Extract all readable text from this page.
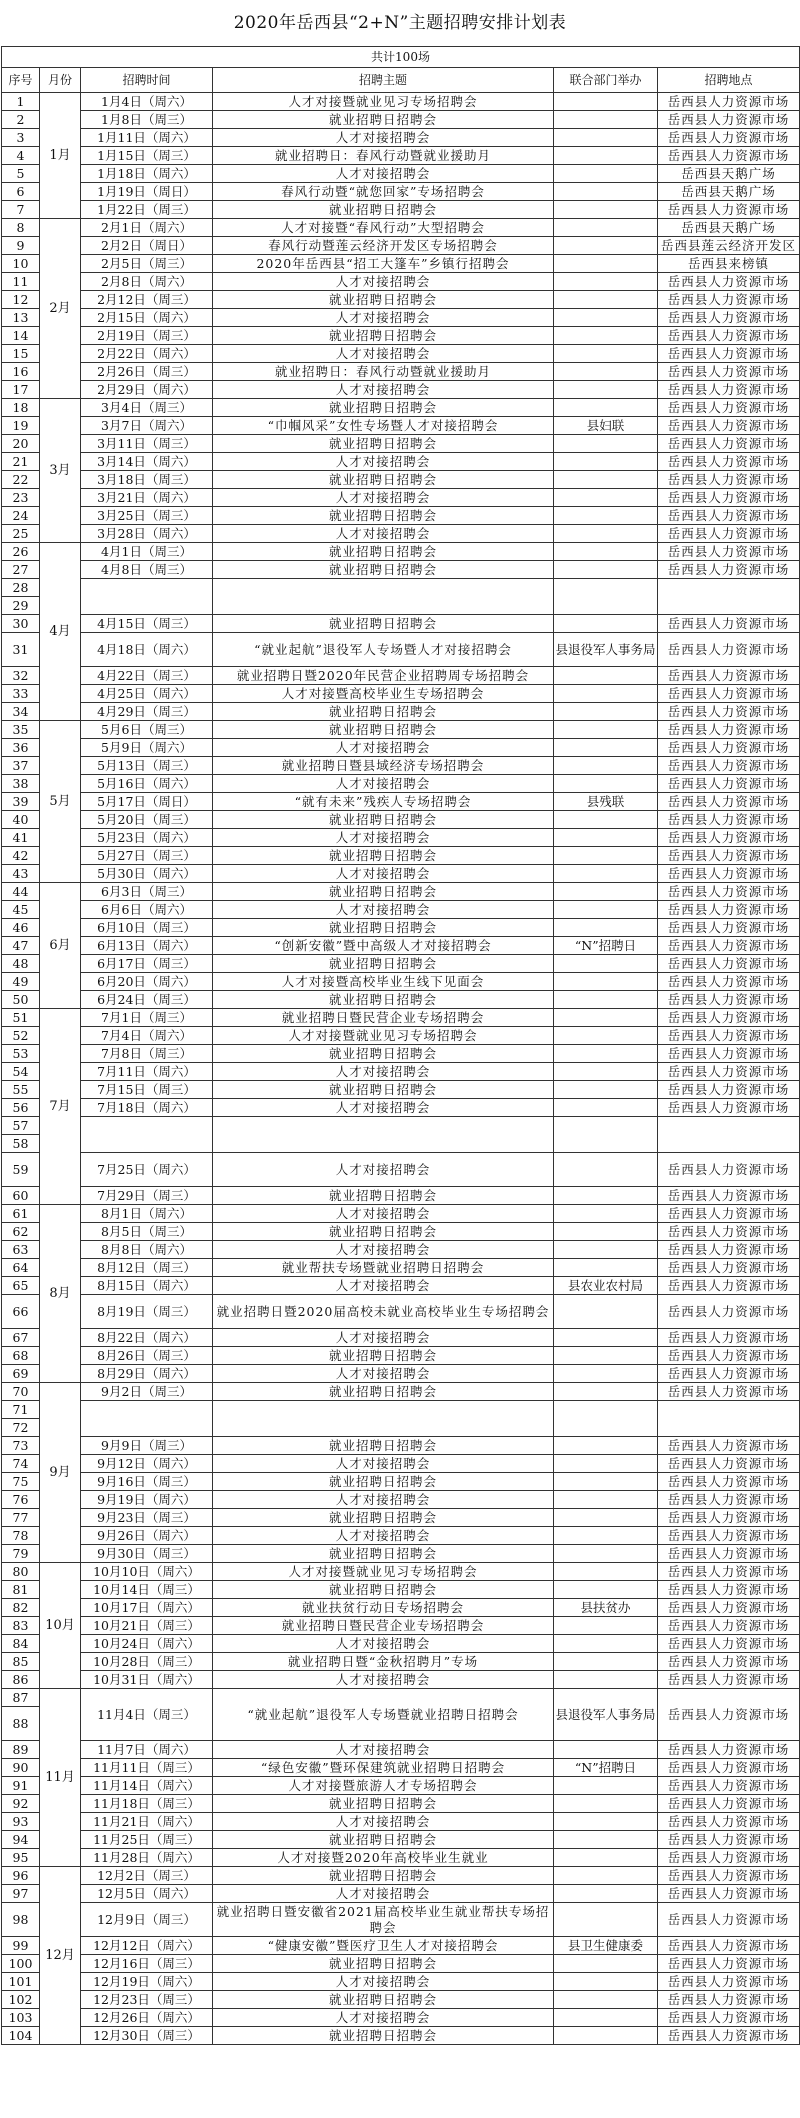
2020年岳西县“2+N”主题招聘安排计划表
共计100场						
序号	月份	招聘时间	招聘主题	联合部门举办	招聘地点	
1	1月	1月4日（周六）	人才对接暨就业见习专场招聘会		岳西县人力资源市场	
2		1月8日（周三）	就业招聘日招聘会		岳西县人力资源市场	
3		1月11日（周六）	人才对接招聘会		岳西县人力资源市场	
4		1月15日（周三）	就业招聘日：春风行动暨就业援助月		岳西县人力资源市场	
5		1月18日（周六）	人才对接招聘会		岳西县天鹅广场	
6		1月19日（周日）	春风行动暨“就您回家”专场招聘会		岳西县天鹅广场	
7		1月22日（周三）	就业招聘日招聘会		岳西县人力资源市场	
8	2月	2月1日（周六）	人才对接暨“春风行动”大型招聘会		岳西县天鹅广场	
9		2月2日（周日）	春风行动暨莲云经济开发区专场招聘会		岳西县莲云经济开发区	
10		2月5日（周三）	2020年岳西县“招工大篷车”乡镇行招聘会		岳西县来榜镇	
11		2月8日（周六）	人才对接招聘会		岳西县人力资源市场	
12		2月12日（周三）	就业招聘日招聘会		岳西县人力资源市场	
13		2月15日（周六）	人才对接招聘会		岳西县人力资源市场	
14		2月19日（周三）	就业招聘日招聘会		岳西县人力资源市场	
15		2月22日（周六）	人才对接招聘会		岳西县人力资源市场	
16		2月26日（周三）	就业招聘日：春风行动暨就业援助月		岳西县人力资源市场	
17		2月29日（周六）	人才对接招聘会		岳西县人力资源市场	
18	3月	3月4日（周三）	就业招聘日招聘会		岳西县人力资源市场	
19		3月7日（周六）	“巾帼风采”女性专场暨人才对接招聘会	县妇联	岳西县人力资源市场	
20		3月11日（周三）	就业招聘日招聘会		岳西县人力资源市场	
21		3月14日（周六）	人才对接招聘会		岳西县人力资源市场	
22		3月18日（周三）	就业招聘日招聘会		岳西县人力资源市场	
23		3月21日（周六）	人才对接招聘会		岳西县人力资源市场	
24		3月25日（周三）	就业招聘日招聘会		岳西县人力资源市场	
25		3月28日（周六）	人才对接招聘会		岳西县人力资源市场	
26	4月	4月1日（周三）	就业招聘日招聘会		岳西县人力资源市场	
27		4月8日（周三）	就业招聘日招聘会		岳西县人力资源市场	
28						
29						
30		4月15日（周三）	就业招聘日招聘会		岳西县人力资源市场	
31		4月18日（周六）	“就业起航”退役军人专场暨人才对接招聘会	县退役军人事务局	岳西县人力资源市场	
32		4月22日（周三）	就业招聘日暨2020年民营企业招聘周专场招聘会		岳西县人力资源市场	
33		4月25日（周六）	人才对接暨高校毕业生专场招聘会		岳西县人力资源市场	
34		4月29日（周三）	就业招聘日招聘会		岳西县人力资源市场	
35	5月	5月6日（周三）	就业招聘日招聘会		岳西县人力资源市场	
36		5月9日（周六）	人才对接招聘会		岳西县人力资源市场	
37		5月13日（周三）	就业招聘日暨县域经济专场招聘会		岳西县人力资源市场	
38		5月16日（周六）	人才对接招聘会		岳西县人力资源市场	
39		5月17日（周日）	“就有未来”残疾人专场招聘会	县残联	岳西县人力资源市场	
40		5月20日（周三）	就业招聘日招聘会		岳西县人力资源市场	
41		5月23日（周六）	人才对接招聘会		岳西县人力资源市场	
42		5月27日（周三）	就业招聘日招聘会		岳西县人力资源市场	
43		5月30日（周六）	人才对接招聘会		岳西县人力资源市场	
44	6月	6月3日（周三）	就业招聘日招聘会		岳西县人力资源市场	
45		6月6日（周六）	人才对接招聘会		岳西县人力资源市场	
46		6月10日（周三）	就业招聘日招聘会		岳西县人力资源市场	
47		6月13日（周六）	“创新安徽”暨中高级人才对接招聘会	“N”招聘日	岳西县人力资源市场	
48		6月17日（周三）	就业招聘日招聘会		岳西县人力资源市场	
49		6月20日（周六）	人才对接暨高校毕业生线下见面会		岳西县人力资源市场	
50		6月24日（周三）	就业招聘日招聘会		岳西县人力资源市场	
51	7月	7月1日（周三）	就业招聘日暨民营企业专场招聘会		岳西县人力资源市场	
52		7月4日（周六）	人才对接暨就业见习专场招聘会		岳西县人力资源市场	
53		7月8日（周三）	就业招聘日招聘会		岳西县人力资源市场	
54		7月11日（周六）	人才对接招聘会		岳西县人力资源市场	
55		7月15日（周三）	就业招聘日招聘会		岳西县人力资源市场	
56		7月18日（周六）	人才对接招聘会		岳西县人力资源市场	
57						
58						
59		7月25日（周六）	人才对接招聘会		岳西县人力资源市场	
60		7月29日（周三）	就业招聘日招聘会		岳西县人力资源市场	
61	8月	8月1日（周六）	人才对接招聘会		岳西县人力资源市场	
62		8月5日（周三）	就业招聘日招聘会		岳西县人力资源市场	
63		8月8日（周六）	人才对接招聘会		岳西县人力资源市场	
64		8月12日（周三）	就业帮扶专场暨就业招聘日招聘会		岳西县人力资源市场	
65		8月15日（周六）	人才对接招聘会	县农业农村局	岳西县人力资源市场	
66		8月19日（周三）	就业招聘日暨2020届高校未就业高校毕业生专场招聘会		岳西县人力资源市场	
67		8月22日（周六）	人才对接招聘会		岳西县人力资源市场	
68		8月26日（周三）	就业招聘日招聘会		岳西县人力资源市场	
69		8月29日（周六）	人才对接招聘会		岳西县人力资源市场	
70	9月	9月2日（周三）	就业招聘日招聘会		岳西县人力资源市场	
71						
72						
73		9月9日（周三）	就业招聘日招聘会		岳西县人力资源市场	
74		9月12日（周六）	人才对接招聘会		岳西县人力资源市场	
75		9月16日（周三）	就业招聘日招聘会		岳西县人力资源市场	
76		9月19日（周六）	人才对接招聘会		岳西县人力资源市场	
77		9月23日（周三）	就业招聘日招聘会		岳西县人力资源市场	
78		9月26日（周六）	人才对接招聘会		岳西县人力资源市场	
79		9月30日（周三）	就业招聘日招聘会		岳西县人力资源市场	
80	10月	10月10日（周六）	人才对接暨就业见习专场招聘会		岳西县人力资源市场	
81		10月14日（周三）	就业招聘日招聘会		岳西县人力资源市场	
82		10月17日（周六）	就业扶贫行动日专场招聘会	县扶贫办	岳西县人力资源市场	
83		10月21日（周三）	就业招聘日暨民营企业专场招聘会		岳西县人力资源市场	
84		10月24日（周六）	人才对接招聘会		岳西县人力资源市场	
85		10月28日（周三）	就业招聘日暨“金秋招聘月”专场		岳西县人力资源市场	
86		10月31日（周六）	人才对接招聘会		岳西县人力资源市场	
87	11月	11月4日（周三）	“就业起航”退役军人专场暨就业招聘日招聘会	县退役军人事务局	岳西县人力资源市场	
88						
89		11月7日（周六）	人才对接招聘会		岳西县人力资源市场	
90		11月11日（周三）	“绿色安徽”暨环保建筑就业招聘日招聘会	“N”招聘日	岳西县人力资源市场	
91		11月14日（周六）	人才对接暨旅游人才专场招聘会		岳西县人力资源市场	
92		11月18日（周三）	就业招聘日招聘会		岳西县人力资源市场	
93		11月21日（周六）	人才对接招聘会		岳西县人力资源市场	
94		11月25日（周三）	就业招聘日招聘会		岳西县人力资源市场	
95		11月28日（周六）	人才对接暨2020年高校毕业生就业		岳西县人力资源市场	
96	12月	12月2日（周三）	就业招聘日招聘会		岳西县人力资源市场	
97		12月5日（周六）	人才对接招聘会		岳西县人力资源市场	
98		12月9日（周三）	就业招聘日暨安徽省2021届高校毕业生就业帮扶专场招聘会		岳西县人力资源市场	
99		12月12日（周六）	“健康安徽”暨医疗卫生人才对接招聘会	县卫生健康委	岳西县人力资源市场	
100		12月16日（周三）	就业招聘日招聘会		岳西县人力资源市场	
101		12月19日（周六）	人才对接招聘会		岳西县人力资源市场	
102		12月23日（周三）	就业招聘日招聘会		岳西县人力资源市场	
103		12月26日（周六）	人才对接招聘会		岳西县人力资源市场	
104		12月30日（周三）	就业招聘日招聘会		岳西县人力资源市场	
